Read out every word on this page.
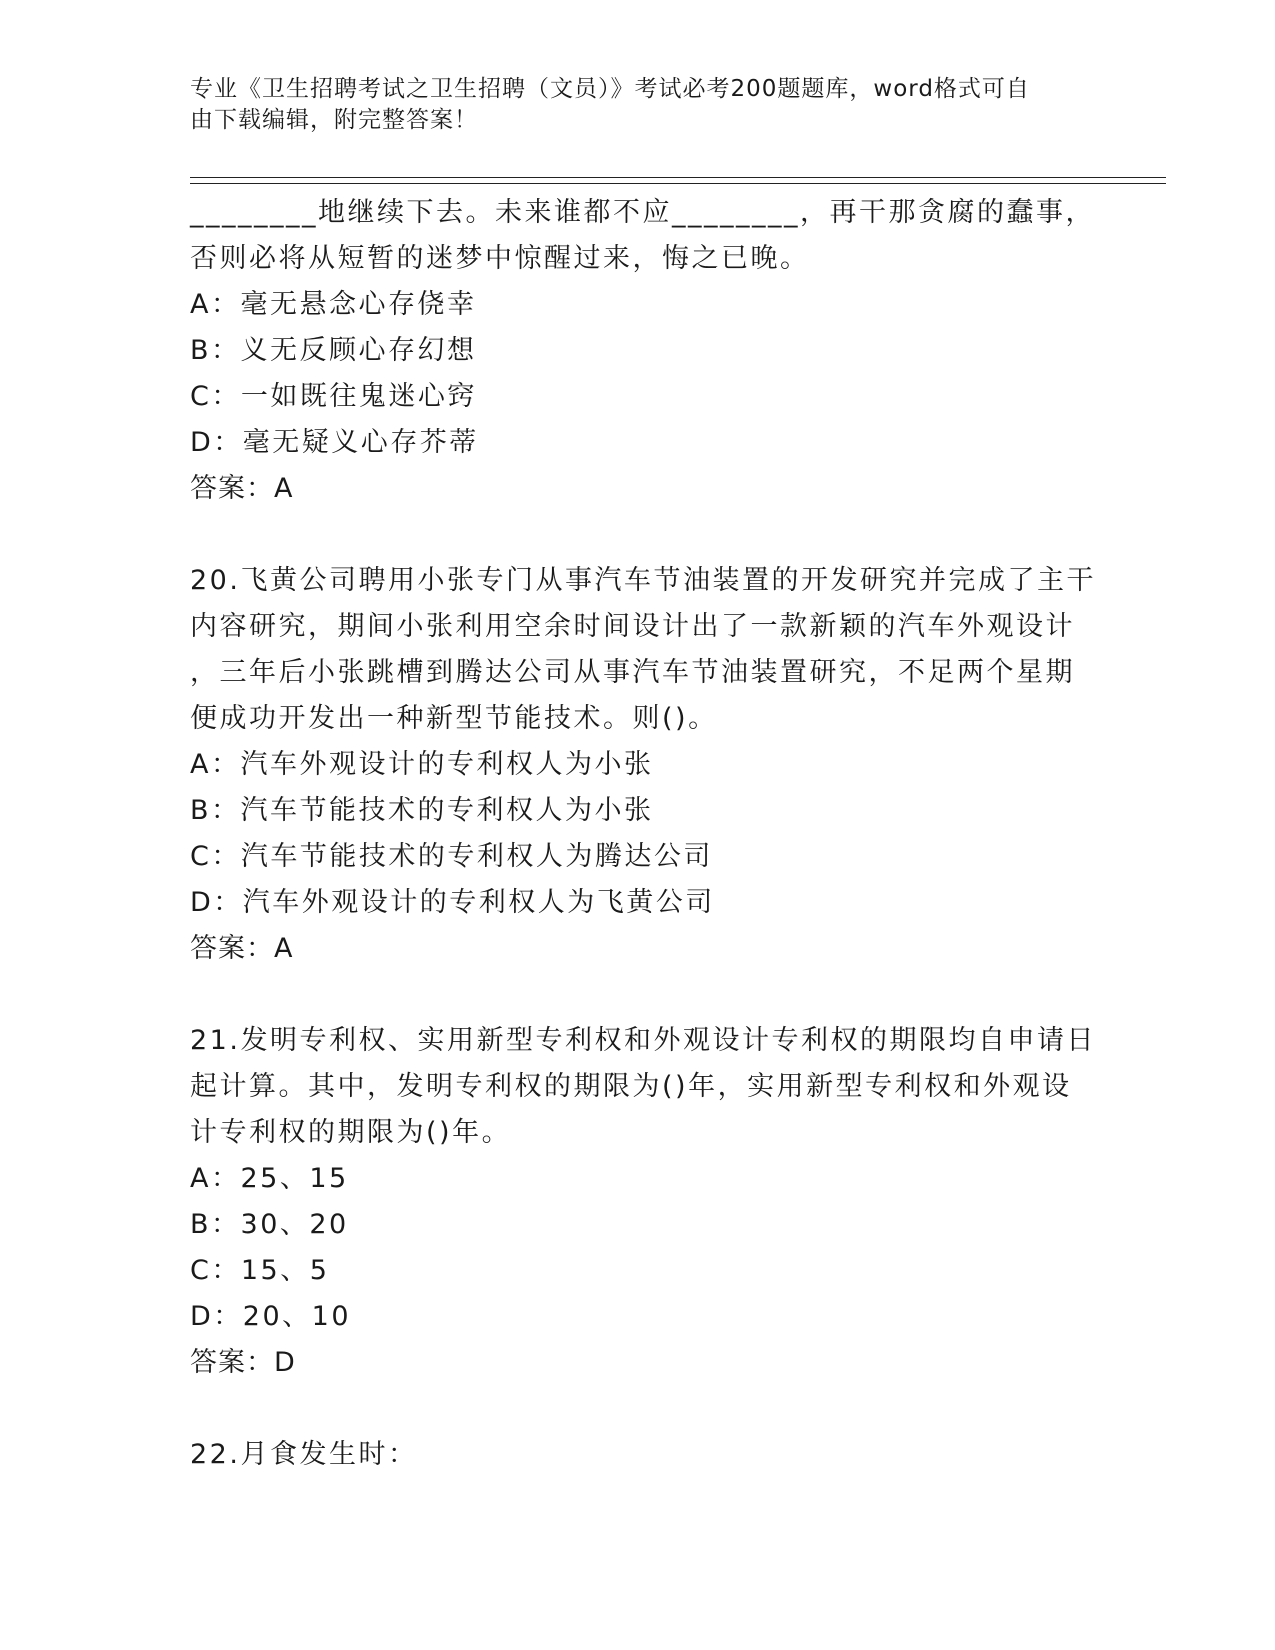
专业《卫生招聘考试之卫生招聘（文员）》考试必考200题题库，word格式可自
由下载编辑，附完整答案！
________地继续下去。未来谁都不应________，再干那贪腐的蠢事，
否则必将从短暂的迷梦中惊醒过来，悔之已晚。
A：毫无悬念心存侥幸
B：义无反顾心存幻想
C：一如既往鬼迷心窍
D：毫无疑义心存芥蒂
答案：A
20.飞黄公司聘用小张专门从事汽车节油装置的开发研究并完成了主干
内容研究，期间小张利用空余时间设计出了一款新颖的汽车外观设计
，三年后小张跳槽到腾达公司从事汽车节油装置研究，不足两个星期
便成功开发出一种新型节能技术。则()。
A：汽车外观设计的专利权人为小张
B：汽车节能技术的专利权人为小张
C：汽车节能技术的专利权人为腾达公司
D：汽车外观设计的专利权人为飞黄公司
答案：A
21.发明专利权、实用新型专利权和外观设计专利权的期限均自申请日
起计算。其中，发明专利权的期限为()年，实用新型专利权和外观设
计专利权的期限为()年。
A：25、15
B：30、20
C：15、5
D：20、10
答案：D
22.月食发生时：
